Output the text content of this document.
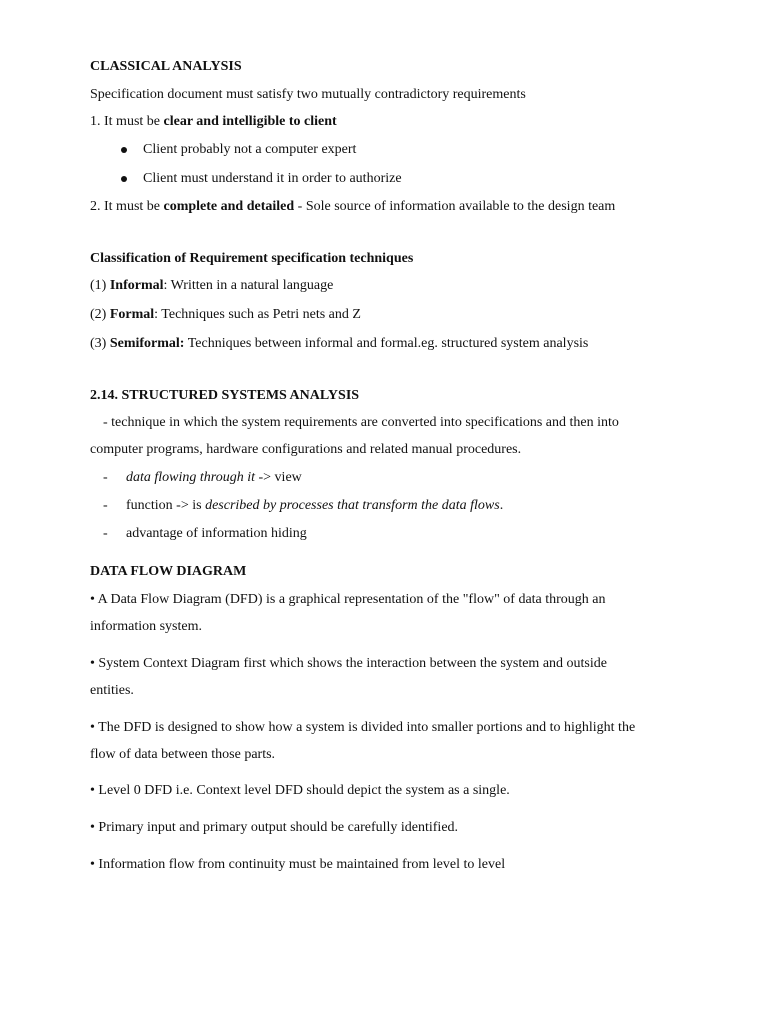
CLASSICAL ANALYSIS
Specification document must satisfy two mutually contradictory requirements
1. It must be clear and intelligible to client
Client probably not a computer expert
Client must understand it in order to authorize
2. It must be complete and detailed - Sole source of information available to the design team
Classification of Requirement specification techniques
(1) Informal: Written in a natural language
(2) Formal: Techniques such as Petri nets and Z
(3) Semiformal: Techniques between informal and formal.eg. structured system analysis
2.14. STRUCTURED SYSTEMS ANALYSIS
- technique in which the system requirements are converted into specifications and then into
computer programs, hardware configurations and related manual procedures.
- data flowing through it -> view
- function -> is described by processes that transform the data flows.
- advantage of information hiding
DATA FLOW DIAGRAM
• A Data Flow Diagram (DFD) is a graphical representation of the "flow" of data through an
information system.
• System Context Diagram first which shows the interaction between the system and outside
entities.
• The DFD is designed to show how a system is divided into smaller portions and to highlight the
flow of data between those parts.
• Level 0 DFD i.e. Context level DFD should depict the system as a single.
• Primary input and primary output should be carefully identified.
• Information flow from continuity must be maintained from level to level
